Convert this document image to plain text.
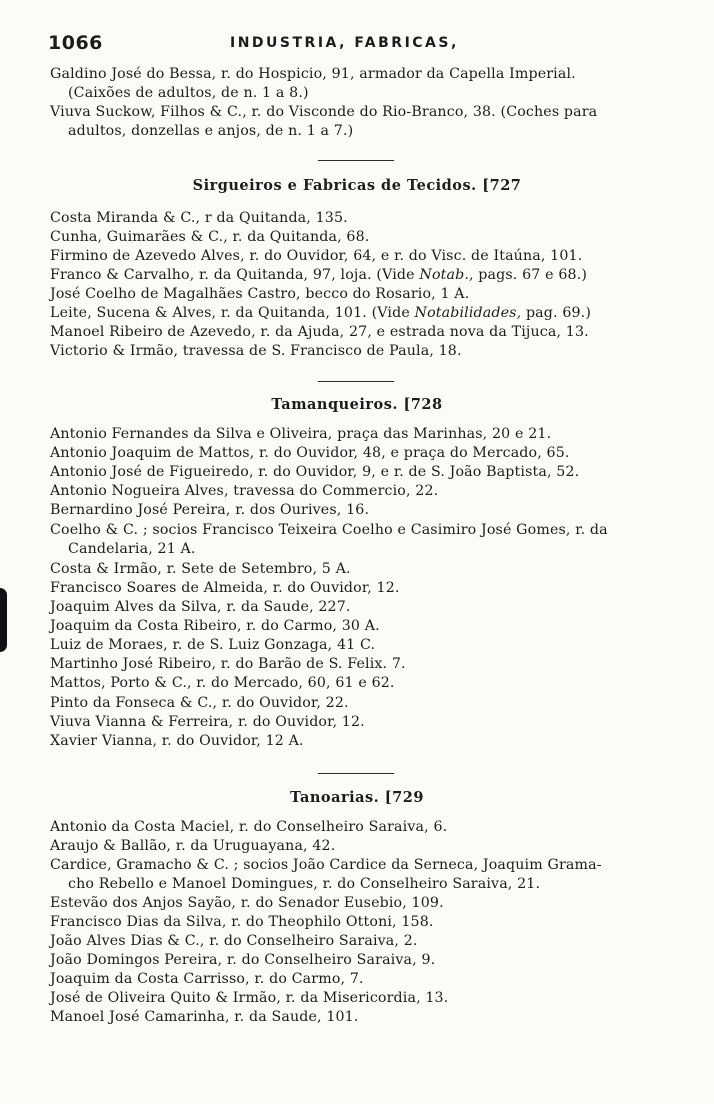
1066	INDUSTRIA, FABRICAS,
Galdino José do Bessa, r. do Hospicio, 91, armador da Capella Imperial.
(Caixões de adultos, de n. 1 a 8.)
Viuva Suckow, Filhos & C., r. do Visconde do Rio-Branco, 38. (Coches para
adultos, donzellas e anjos, de n. 1 a 7.)
Sirgueiros e Fabricas de Tecidos. [727
Costa Miranda & C., r da Quitanda, 135.
Cunha, Guimarães & C., r. da Quitanda, 68.
Firmino de Azevedo Alves, r. do Ouvidor, 64, e r. do Visc. de Itaúna, 101.
Franco & Carvalho, r. da Quitanda, 97, loja. (Vide Notab., pags. 67 e 68.)
José Coelho de Magalhães Castro, becco do Rosario, 1 A.
Leite, Sucena & Alves, r. da Quitanda, 101. (Vide Notabilidades, pag. 69.)
Manoel Ribeiro de Azevedo, r. da Ajuda, 27, e estrada nova da Tijuca, 13.
Victorio & Irmão, travessa de S. Francisco de Paula, 18.
Tamanqueiros. [728
Antonio Fernandes da Silva e Oliveira, praça das Marinhas, 20 e 21.
Antonio Joaquim de Mattos, r. do Ouvidor, 48, e praça do Mercado, 65.
Antonio José de Figueiredo, r. do Ouvidor, 9, e r. de S. João Baptista, 52.
Antonio Nogueira Alves, travessa do Commercio, 22.
Bernardino José Pereira, r. dos Ourives, 16.
Coelho & C. ; socios Francisco Teixeira Coelho e Casimiro José Gomes, r. da
Candelaria, 21 A.
Costa & Irmão, r. Sete de Setembro, 5 A.
Francisco Soares de Almeida, r. do Ouvidor, 12.
Joaquim Alves da Silva, r. da Saude, 227.
Joaquim da Costa Ribeiro, r. do Carmo, 30 A.
Luiz de Moraes, r. de S. Luiz Gonzaga, 41 C.
Martinho José Ribeiro, r. do Barão de S. Felix. 7.
Mattos, Porto & C., r. do Mercado, 60, 61 e 62.
Pinto da Fonseca & C., r. do Ouvidor, 22.
Viuva Vianna & Ferreira, r. do Ouvidor, 12.
Xavier Vianna, r. do Ouvidor, 12 A.
Tanoarias. [729
Antonio da Costa Maciel, r. do Conselheiro Saraiva, 6.
Araujo & Ballão, r. da Uruguayana, 42.
Cardice, Gramacho & C. ; socios João Cardice da Serneca, Joaquim Grama-
cho Rebello e Manoel Domingues, r. do Conselheiro Saraiva, 21.
Estevão dos Anjos Sayão, r. do Senador Eusebio, 109.
Francisco Dias da Silva, r. do Theophilo Ottoni, 158.
João Alves Dias & C., r. do Conselheiro Saraiva, 2.
João Domingos Pereira, r. do Conselheiro Saraiva, 9.
Joaquim da Costa Carrisso, r. do Carmo, 7.
José de Oliveira Quito & Irmão, r. da Misericordia, 13.
Manoel José Camarinha, r. da Saude, 101.
